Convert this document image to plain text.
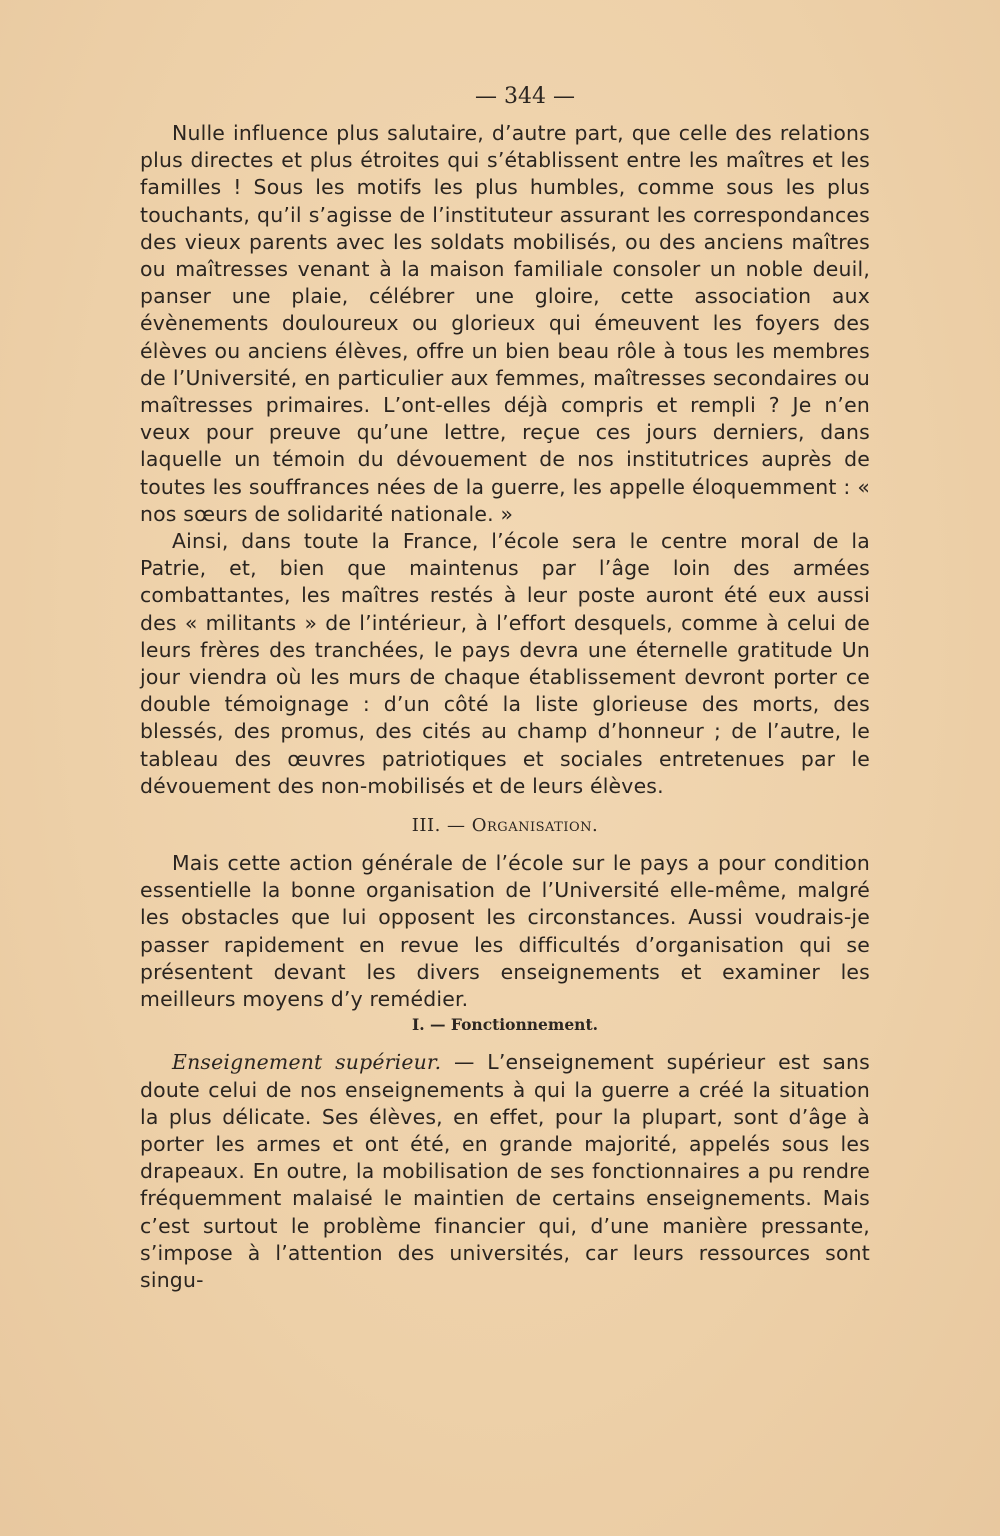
— 344 —

Nulle influence plus salutaire, d’autre part, que celle des relations plus directes et plus étroites qui s’établissent entre les maîtres et les familles ! Sous les motifs les plus humbles, comme sous les plus touchants, qu’il s’agisse de l’instituteur assurant les correspondances des vieux parents avec les soldats mobilisés, ou des anciens maîtres ou maîtresses venant à la maison familiale consoler un noble deuil, panser une plaie, célébrer une gloire, cette association aux évènements douloureux ou glorieux qui émeuvent les foyers des élèves ou anciens élèves, offre un bien beau rôle à tous les membres de l’Université, en particulier aux femmes, maîtresses secondaires ou maîtresses primaires. L’ont-elles déjà compris et rempli ? Je n’en veux pour preuve qu’une lettre, reçue ces jours derniers, dans laquelle un témoin du dévouement de nos institutrices auprès de toutes les souffrances nées de la guerre, les appelle éloquemment : « nos sœurs de solidarité nationale. »

Ainsi, dans toute la France, l’école sera le centre moral de la Patrie, et, bien que maintenus par l’âge loin des armées combattantes, les maîtres restés à leur poste auront été eux aussi des « militants » de l’intérieur, à l’effort desquels, comme à celui de leurs frères des tranchées, le pays devra une éternelle gratitude Un jour viendra où les murs de chaque établissement devront porter ce double témoignage : d’un côté la liste glorieuse des morts, des blessés, des promus, des cités au champ d’honneur ; de l’autre, le tableau des œuvres patriotiques et sociales entretenues par le dévouement des non-mobilisés et de leurs élèves.

III. — Organisation.

Mais cette action générale de l’école sur le pays a pour condition essentielle la bonne organisation de l’Université elle-même, malgré les obstacles que lui opposent les circonstances. Aussi voudrais-je passer rapidement en revue les difficultés d’organisation qui se présentent devant les divers enseignements et examiner les meilleurs moyens d’y remédier.

I. — Fonctionnement.

Enseignement supérieur. — L’enseignement supérieur est sans doute celui de nos enseignements à qui la guerre a créé la situation la plus délicate. Ses élèves, en effet, pour la plupart, sont d’âge à porter les armes et ont été, en grande majorité, appelés sous les drapeaux. En outre, la mobilisation de ses fonctionnaires a pu rendre fréquemment malaisé le maintien de certains enseignements. Mais c’est surtout le problème financier qui, d’une manière pressante, s’impose à l’attention des universités, car leurs ressources sont singu-
